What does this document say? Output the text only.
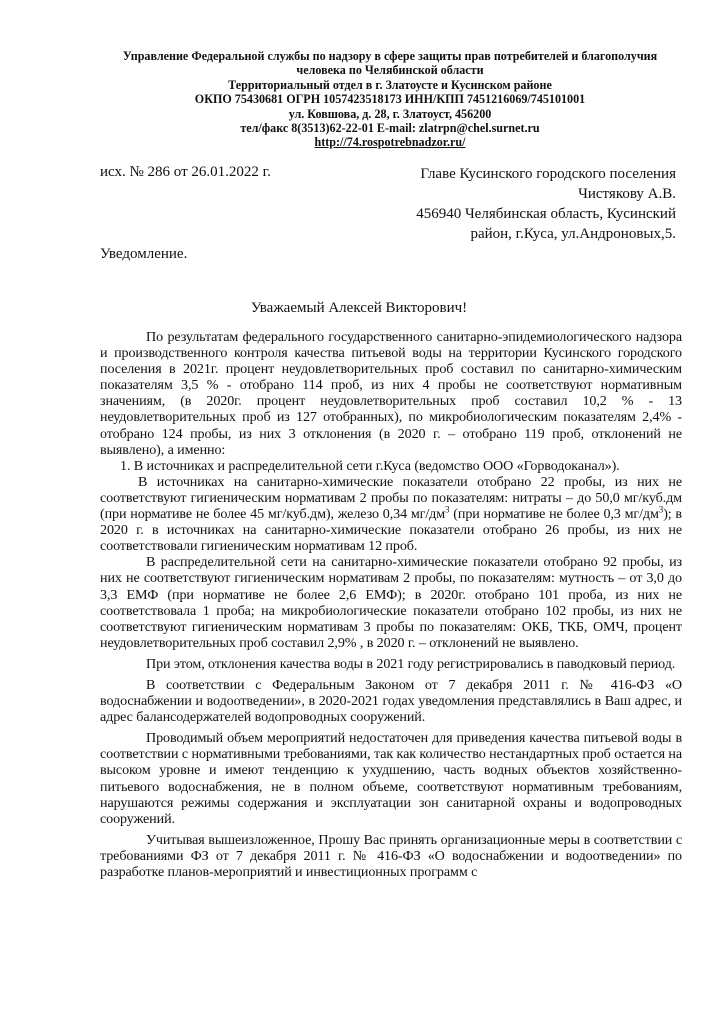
Управление Федеральной службы по надзору в сфере защиты прав потребителей и благополучия
человека по Челябинской области
Территориальный отдел в г. Златоусте и Кусинском районе
ОКПО 75430681 ОГРН 1057423518173 ИНН/КПП 7451216069/745101001
ул. Ковшова, д. 28, г. Златоуст, 456200
тел/факс 8(3513)62-22-01 E-mail: zlatrpn@chel.surnet.ru
http://74.rospotrebnadzor.ru/
исх. № 286 от 26.01.2022 г.	Главе Кусинского городского поселения
Чистякову А.В.
456940 Челябинская область, Кусинский
район, г.Куса, ул.Андроновых,5.
Уведомление.
Уважаемый Алексей Викторович!

По результатам федерального государственного санитарно-эпидемиологического надзора и производственного контроля качества питьевой воды на территории Кусинского городского поселения в 2021г. процент неудовлетворительных проб составил по санитарно-химическим показателям 3,5 % - отобрано 114 проб, из них 4 пробы не соответствуют нормативным значениям, (в 2020г. процент неудовлетворительных проб составил 10,2 % - 13 неудовлетворительных проб из 127 отобранных), по микробиологическим показателям 2,4% - отобрано 124 пробы, из них 3 отклонения (в 2020 г. – отобрано 119 проб, отклонений не выявлено), а именно:

1. В источниках и распределительной сети г.Куса (ведомство ООО «Горводоканал»).

В источниках на санитарно-химические показатели отобрано 22 пробы, из них не соответствуют гигиеническим нормативам 2 пробы по показателям: нитраты – до 50,0 мг/куб.дм (при нормативе не более 45 мг/куб.дм), железо 0,34 $мг/дм^3$ (при нормативе не более 0,3 $мг/дм^3$); в 2020 г. в источниках на санитарно-химические показатели отобрано 26 пробы, из них не соответствовали гигиеническим нормативам 12 проб.

В распределительной сети на санитарно-химические показатели отобрано 92 пробы, из них не соответствуют гигиеническим нормативам 2 пробы, по показателям: мутность – от 3,0 до 3,3 ЕМФ (при нормативе не более 2,6 ЕМФ); в 2020г. отобрано 101 проба, из них не соответствовала 1 проба; на микробиологические показатели отобрано 102 пробы, из них не соответствуют гигиеническим нормативам 3 пробы по показателям: ОКБ, ТКБ, ОМЧ, процент неудовлетворительных проб составил 2,9% , в 2020 г. – отклонений не выявлено.

При этом, отклонения качества воды в 2021 году регистрировались в паводковый период.

В соответствии с Федеральным Законом от 7 декабря 2011 г. № 416-ФЗ «О водоснабжении и водоотведении», в 2020-2021 годах уведомления представлялись в Ваш адрес, и адрес балансодержателей водопроводных сооружений.

Проводимый объем мероприятий недостаточен для приведения качества питьевой воды в соответствии с нормативными требованиями, так как количество нестандартных проб остается на высоком уровне и имеют тенденцию к ухудшению, часть водных объектов хозяйственно-питьевого водоснабжения, не в полном объеме, соответствуют нормативным требованиям, нарушаются режимы содержания и эксплуатации зон санитарной охраны и водопроводных сооружений.

Учитывая вышеизложенное, Прошу Вас принять организационные меры в соответствии с требованиями ФЗ от 7 декабря 2011 г. № 416-ФЗ «О водоснабжении и водоотведении» по разработке планов-мероприятий и инвестиционных программ с
